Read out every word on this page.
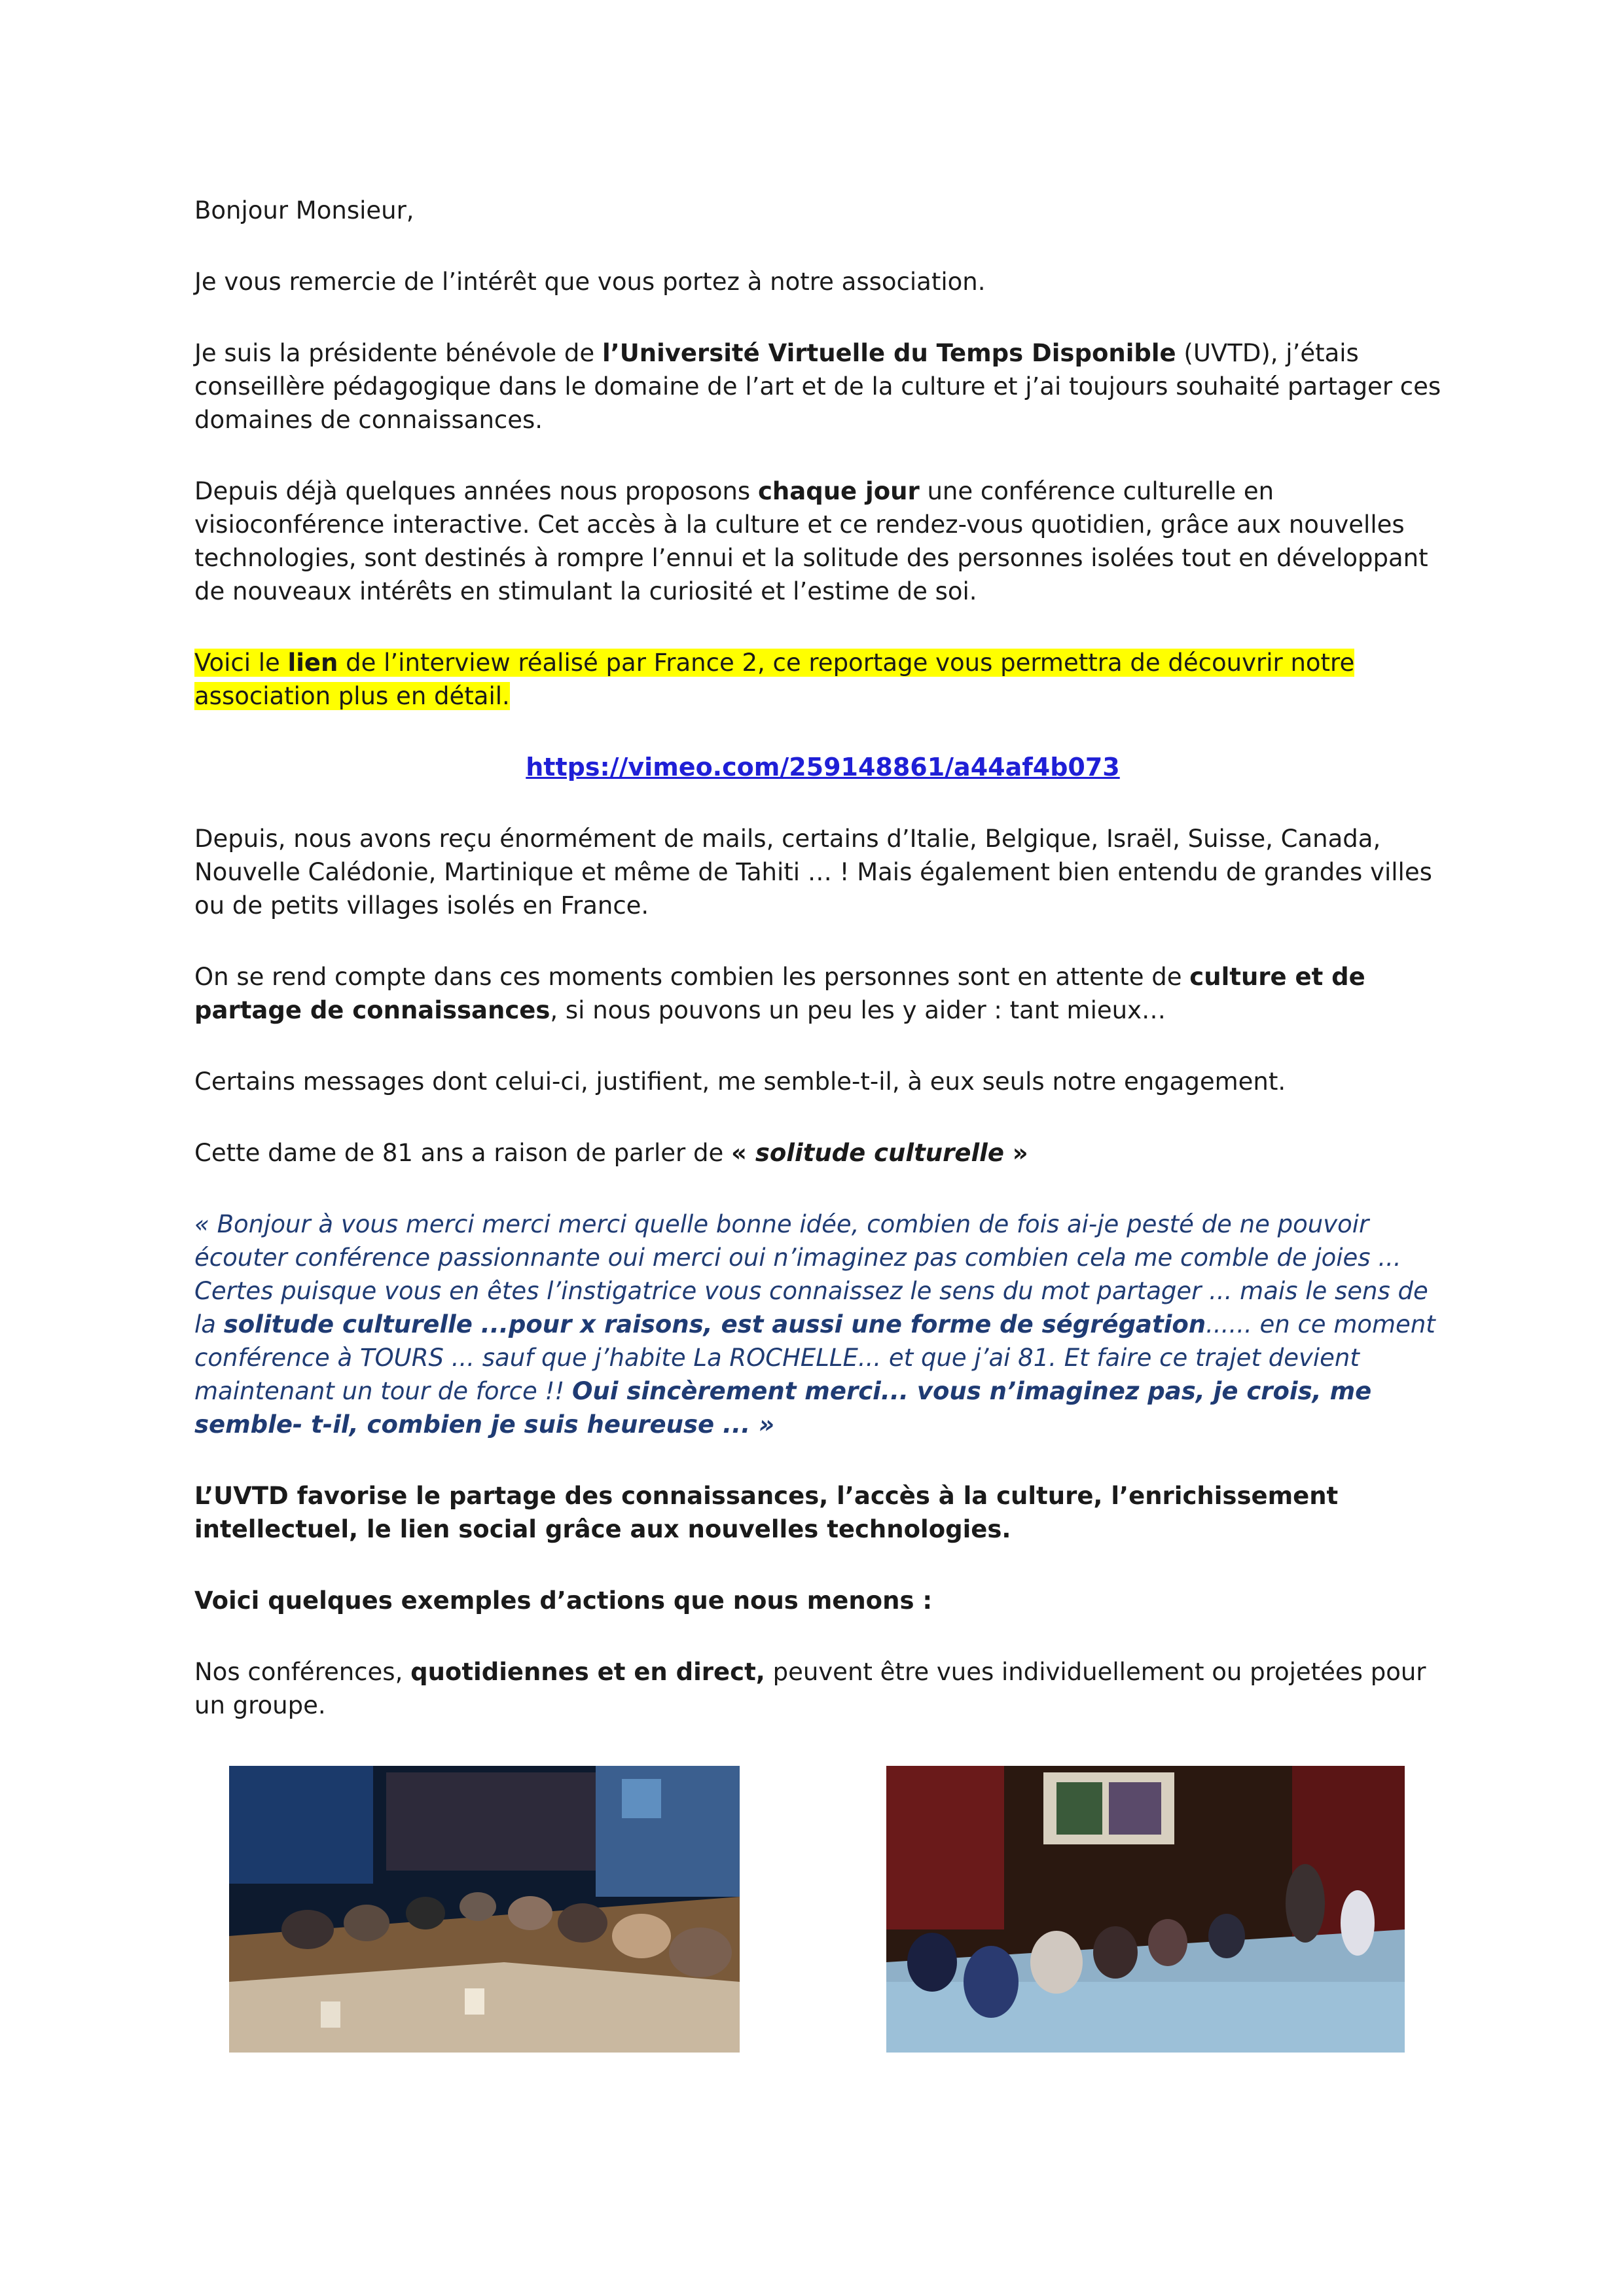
Bonjour Monsieur,

Je vous remercie de l’intérêt que vous portez à notre association.

Je suis la présidente bénévole de l’Université Virtuelle du Temps Disponible (UVTD), j’étais conseillère pédagogique dans le domaine de l’art et de la culture et j’ai toujours souhaité partager ces domaines de connaissances.

Depuis déjà quelques années nous proposons chaque jour une conférence culturelle en visioconférence interactive. Cet accès à la culture et ce rendez-vous quotidien, grâce aux nouvelles technologies, sont destinés à rompre l’ennui et la solitude des personnes isolées tout en développant de nouveaux intérêts en stimulant la curiosité et l’estime de soi.

Voici le lien de l’interview réalisé par France 2, ce reportage vous permettra de découvrir notre association plus en détail.

https://vimeo.com/259148861/a44af4b073

Depuis, nous avons reçu énormément de mails, certains d’Italie, Belgique, Israël, Suisse, Canada, Nouvelle Calédonie, Martinique et même de Tahiti … ! Mais également bien entendu de grandes villes ou de petits villages isolés en France.

On se rend compte dans ces moments combien les personnes sont en attente de culture et de partage de connaissances, si nous pouvons un peu les y aider : tant mieux…

Certains messages dont celui-ci, justifient, me semble-t-il, à eux seuls notre engagement.

Cette dame de 81 ans a raison de parler de « solitude culturelle »

« Bonjour à vous merci merci merci quelle bonne idée, combien de fois ai-je pesté de ne pouvoir écouter conférence passionnante oui merci oui n’imaginez pas combien cela me comble de joies ... Certes puisque vous en êtes l’instigatrice vous connaissez le sens du mot partager ... mais le sens de la solitude culturelle ...pour x raisons, est aussi une forme de ségrégation...... en ce moment conférence à TOURS ... sauf que j’habite La ROCHELLE... et que j’ai 81. Et faire ce trajet devient maintenant un tour de force !! Oui sincèrement merci... vous n’imaginez pas, je crois, me semble- t-il, combien je suis heureuse ... »

L’UVTD favorise le partage des connaissances, l’accès à la culture, l’enrichissement intellectuel, le lien social grâce aux nouvelles technologies.

Voici quelques exemples d’actions que nous menons :

Nos conférences, quotidiennes et en direct, peuvent être vues individuellement ou projetées pour un groupe.
